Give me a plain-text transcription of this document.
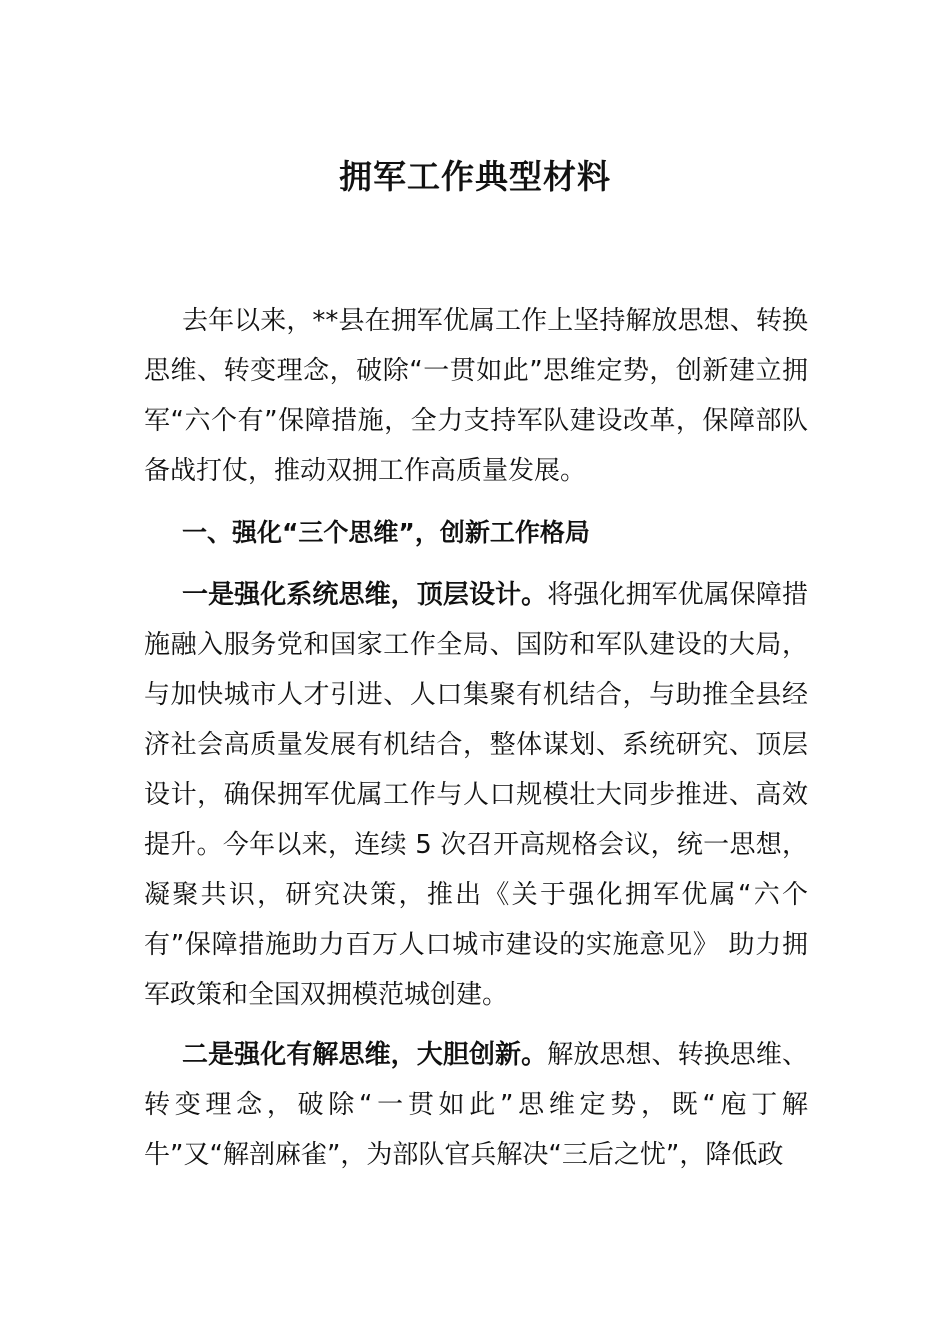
拥军工作典型材料

去年以来，**县在拥军优属工作上坚持解放思想、转换思维、转变理念，破除“一贯如此”思维定势，创新建立拥军“六个有”保障措施，全力支持军队建设改革，保障部队备战打仗，推动双拥工作高质量发展。

一、强化“三个思维”，创新工作格局

一是强化系统思维，顶层设计。将强化拥军优属保障措施融入服务党和国家工作全局、国防和军队建设的大局，与加快城市人才引进、人口集聚有机结合，与助推全县经济社会高质量发展有机结合，整体谋划、系统研究、顶层设计，确保拥军优属工作与人口规模壮大同步推进、高效提升。今年以来，连续 5 次召开高规格会议，统一思想，凝聚共识，研究决策，推出《关于强化拥军优属“六个有”保障措施助力百万人口城市建设的实施意见》 助力拥军政策和全国双拥模范城创建。

二是强化有解思维，大胆创新。解放思想、转换思维、转变理念，破除“一贯如此”思维定势，既“庖丁解牛”又“解剖麻雀”，为部队官兵解决“三后之忧”，降低政
